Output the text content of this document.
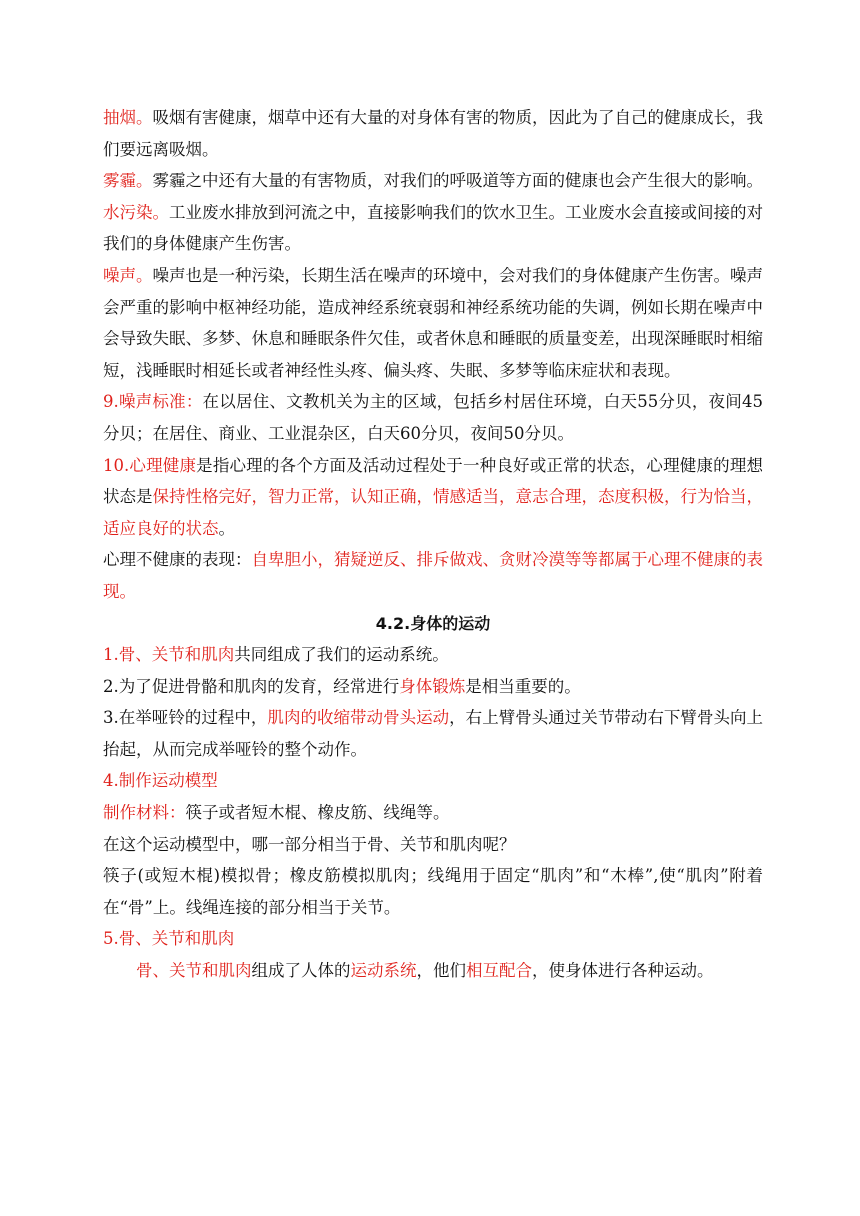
抽烟。吸烟有害健康，烟草中还有大量的对身体有害的物质，因此为了自己的健康成长，我们要远离吸烟。

雾霾。雾霾之中还有大量的有害物质，对我们的呼吸道等方面的健康也会产生很大的影响。

水污染。工业废水排放到河流之中，直接影响我们的饮水卫生。工业废水会直接或间接的对我们的身体健康产生伤害。

噪声。噪声也是一种污染，长期生活在噪声的环境中，会对我们的身体健康产生伤害。噪声会严重的影响中枢神经功能，造成神经系统衰弱和神经系统功能的失调，例如长期在噪声中会导致失眠、多梦、休息和睡眠条件欠佳，或者休息和睡眠的质量变差，出现深睡眠时相缩短，浅睡眠时相延长或者神经性头疼、偏头疼、失眠、多梦等临床症状和表现。

9.噪声标准：在以居住、文教机关为主的区域，包括乡村居住环境，白天55分贝，夜间45分贝；在居住、商业、工业混杂区，白天60分贝，夜间50分贝。

10.心理健康是指心理的各个方面及活动过程处于一种良好或正常的状态，心理健康的理想状态是保持性格完好，智力正常，认知正确，情感适当，意志合理，态度积极，行为恰当，适应良好的状态。

心理不健康的表现：自卑胆小，猜疑逆反、排斥做戏、贪财冷漠等等都属于心理不健康的表现。

4.2.身体的运动

1.骨、关节和肌肉共同组成了我们的运动系统。

2.为了促进骨骼和肌肉的发育，经常进行身体锻炼是相当重要的。

3.在举哑铃的过程中，肌肉的收缩带动骨头运动，右上臂骨头通过关节带动右下臂骨头向上抬起，从而完成举哑铃的整个动作。

4.制作运动模型

制作材料：筷子或者短木棍、橡皮筋、线绳等。

在这个运动模型中，哪一部分相当于骨、关节和肌肉呢？

筷子(或短木棍)模拟骨；橡皮筋模拟肌肉；线绳用于固定“肌肉”和“木棒”,使“肌肉”附着在“骨”上。线绳连接的部分相当于关节。

5.骨、关节和肌肉

骨、关节和肌肉组成了人体的运动系统，他们相互配合，使身体进行各种运动。
